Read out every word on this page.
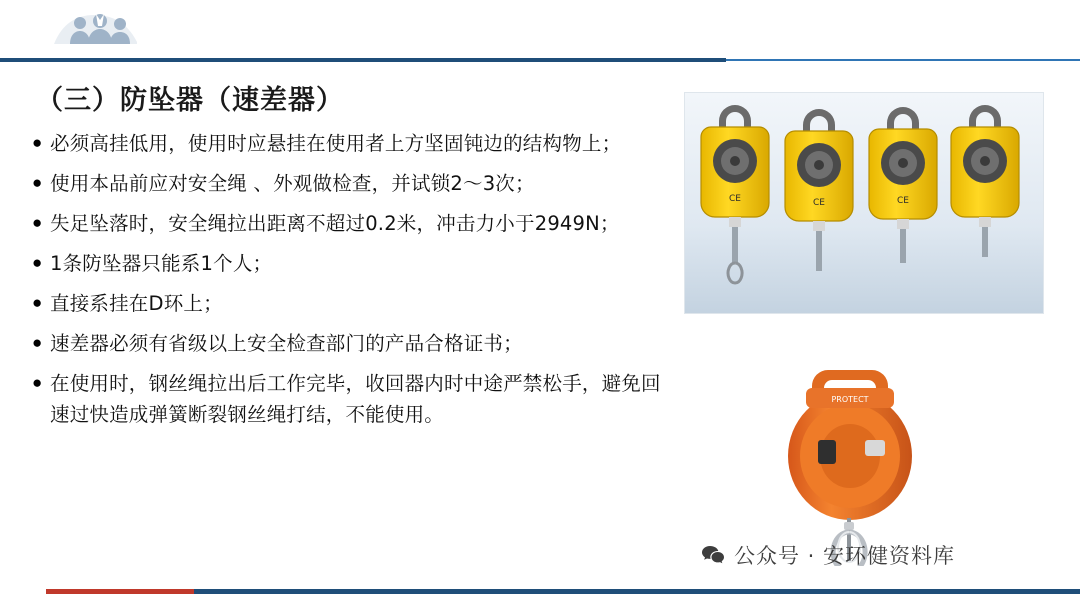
（三）防坠器（速差器）
● 必须高挂低用，使用时应悬挂在使用者上方坚固钝边的结构物上；
● 使用本品前应对安全绳 、外观做检查，并试锁2～3次；
● 失足坠落时，安全绳拉出距离不超过0.2米，冲击力小于2949N；
● 1条防坠器只能系1个人；
● 直接系挂在D环上；
● 速差器必须有省级以上安全检查部门的产品合格证书；
● 在使用时，钢丝绳拉出后工作完毕，收回器内时中途严禁松手，避免回速过快造成弹簧断裂钢丝绳打结，不能使用。
CE	CE	CE
PROTECT
公众号 · 安环健资料库
